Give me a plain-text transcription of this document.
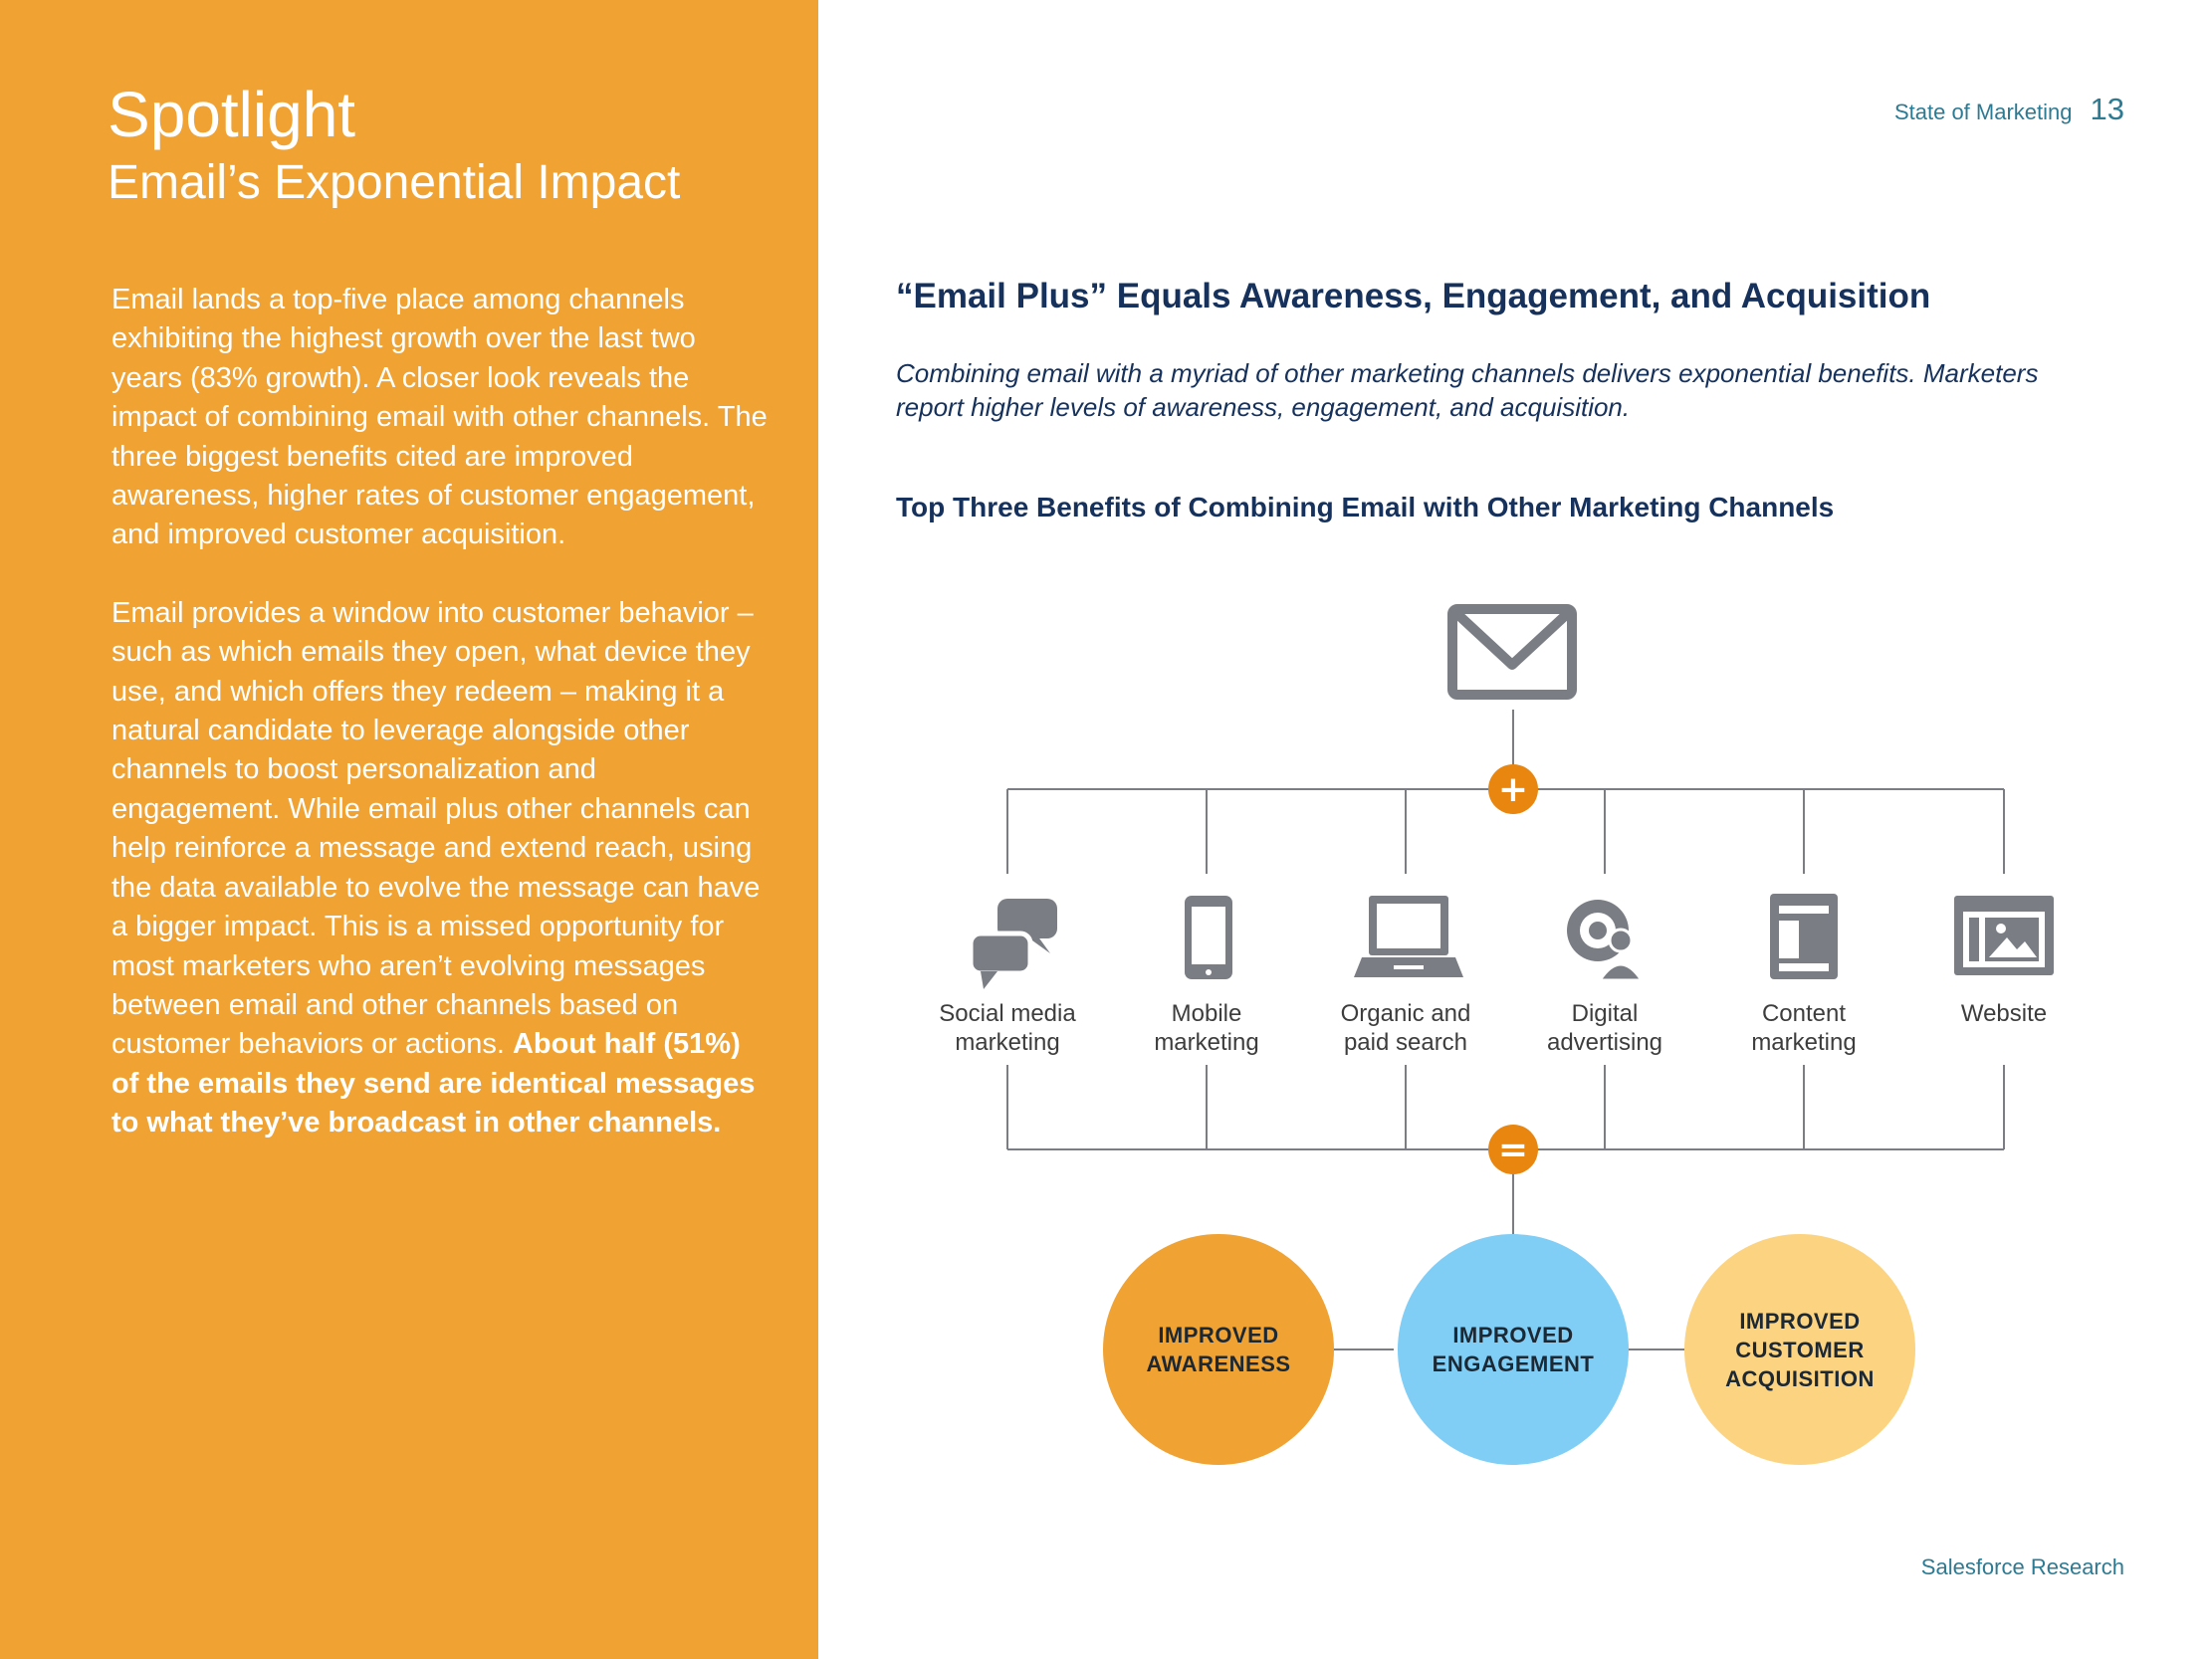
Spotlight
Email’s Exponential Impact

Email lands a top-five place among channels exhibiting the highest growth over the last two years (83% growth). A closer look reveals the impact of combining email with other channels. The three biggest benefits cited are improved awareness, higher rates of customer engagement, and improved customer acquisition.

Email provides a window into customer behavior – such as which emails they open, what device they use, and which offers they redeem – making it a natural candidate to leverage alongside other channels to boost personalization and engagement. While email plus other channels can help reinforce a message and extend reach, using the data available to evolve the message can have a bigger impact. This is a missed opportunity for most marketers who aren’t evolving messages between email and other channels based on customer behaviors or actions. About half (51%) of the emails they send are identical messages to what they’ve broadcast in other channels.

State of Marketing 13
“Email Plus” Equals Awareness, Engagement, and Acquisition
Combining email with a myriad of other marketing channels delivers exponential benefits. Marketers report higher levels of awareness, engagement, and acquisition.
Top Three Benefits of Combining Email with Other Marketing Channels
+
=
Social media
marketing
Mobile
marketing
Organic and
paid search
Digital
advertising
Content
marketing
Website
IMPROVED
AWARENESS
IMPROVED
ENGAGEMENT
IMPROVED
CUSTOMER
ACQUISITION
Salesforce Research
